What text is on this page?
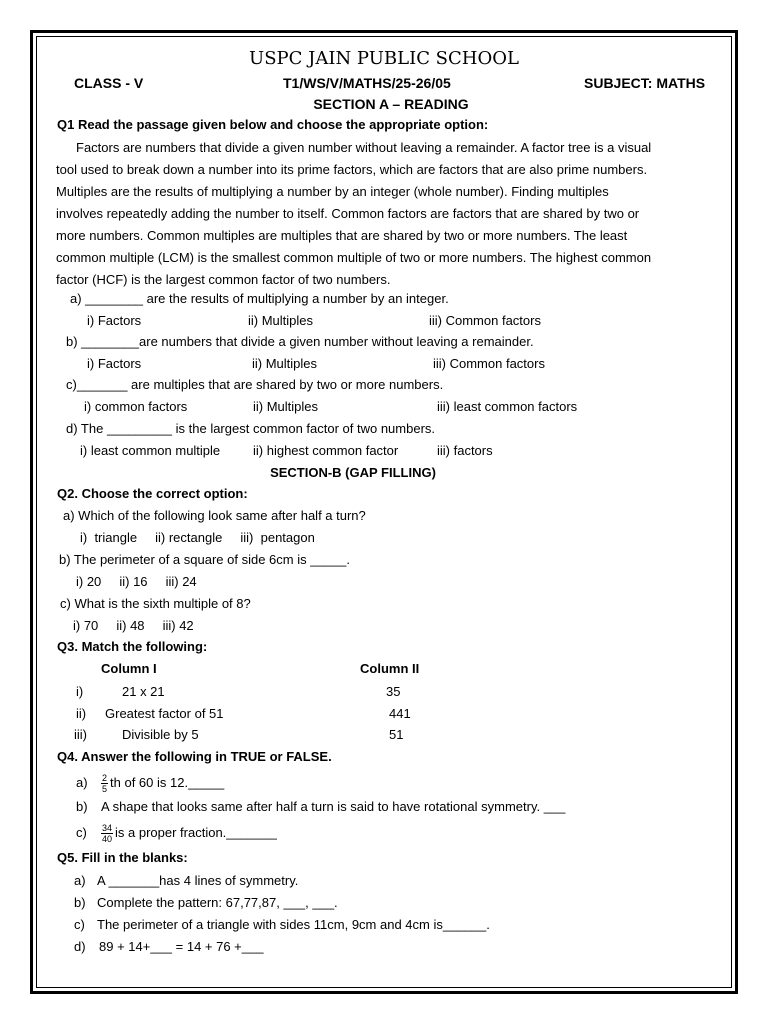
USPC JAIN PUBLIC SCHOOL
CLASS - V	T1/WS/V/MATHS/25-26/05	SUBJECT: MATHS
SECTION A – READING
Q1 Read the passage given below and choose the appropriate option:
Factors are numbers that divide a given number without leaving a remainder. A factor tree is a visual
tool used to break down a number into its prime factors, which are factors that are also prime numbers.
Multiples are the results of multiplying a number by an integer (whole number). Finding multiples
involves repeatedly adding the number to itself. Common factors are factors that are shared by two or
more numbers. Common multiples are multiples that are shared by two or more numbers. The least
common multiple (LCM) is the smallest common multiple of two or more numbers. The highest common
factor (HCF) is the largest common factor of two numbers.
a) ________ are the results of multiplying a number by an integer.
i) Factors	ii) Multiples	iii) Common factors
b) ________are numbers that divide a given number without leaving a remainder.
i) Factors	ii) Multiples	iii) Common factors
c)_______ are multiples that are shared by two or more numbers.
i) common factors	ii) Multiples	iii) least common factors
d) The _________ is the largest common factor of two numbers.
i) least common multiple	ii) highest common factor	iii) factors
SECTION-B (GAP FILLING)
Q2. Choose the correct option:
a) Which of the following look same after half a turn?
i)  triangle     ii) rectangle     iii)  pentagon
b) The perimeter of a square of side 6cm is _____.
i) 20     ii) 16     iii) 24
c) What is the sixth multiple of 8?
i) 70     ii) 48     iii) 42
Q3. Match the following:
Column I	Column II
i)	21 x 21	35
ii) Greatest factor of 51	441
iii)	Divisible by 5	51
Q4. Answer the following in TRUE or FALSE.
$a) \frac{2}{5}$ th of 60 is 12._____
b) A shape that looks same after half a turn is said to have rotational symmetry. ___
$c) \frac{34}{40}$ is a proper fraction._______
Q5. Fill in the blanks:
a) A _______has 4 lines of symmetry.
b) Complete the pattern: 67,77,87, ___, ___.
c) The perimeter of a triangle with sides 11cm, 9cm and 4cm is______.
d) 89 + 14+___ = 14 + 76 +___
